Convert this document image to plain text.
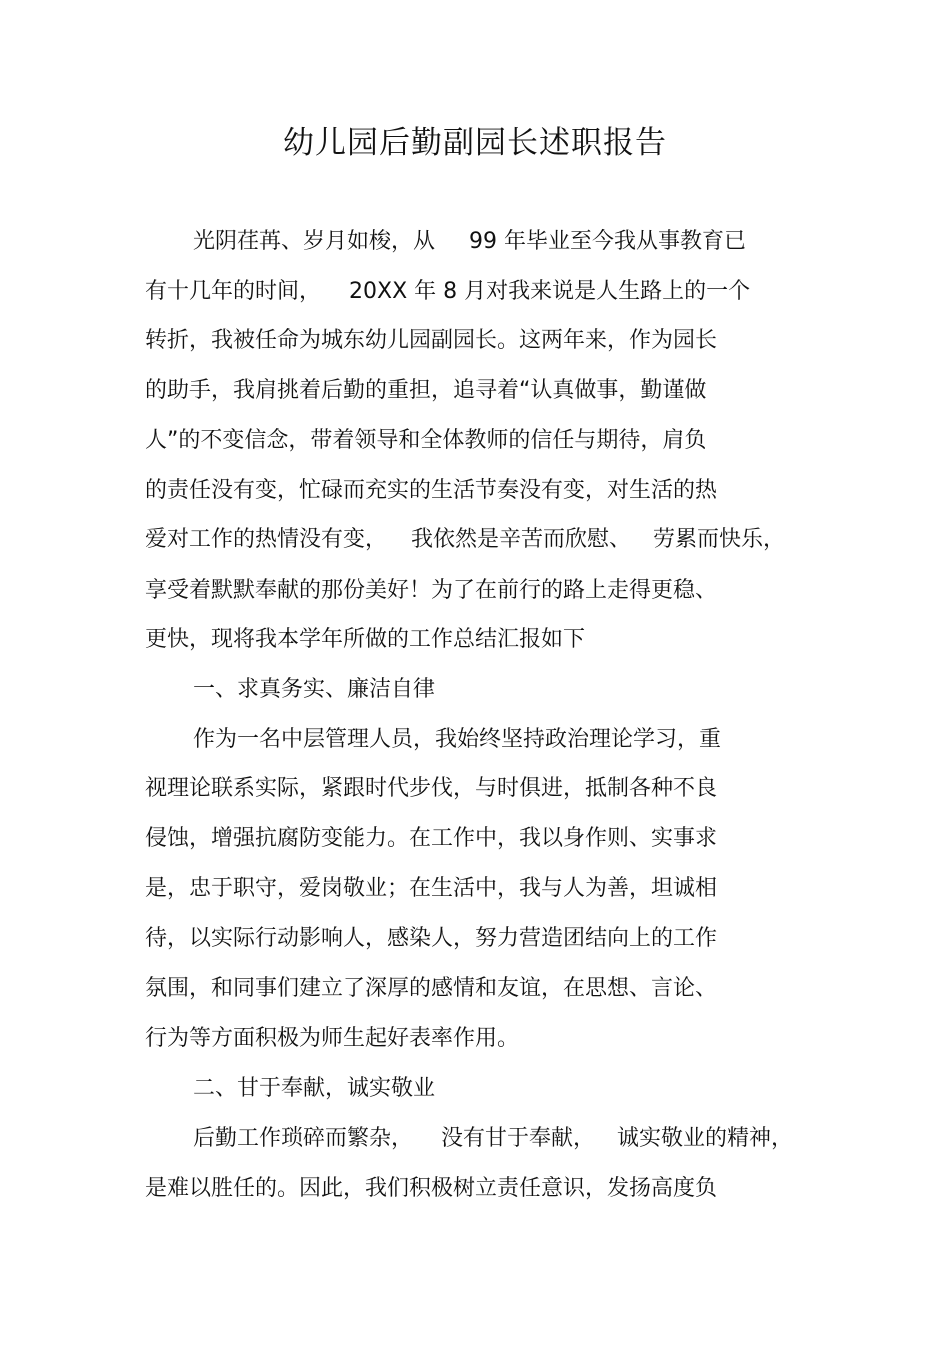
幼儿园后勤副园长述职报告
光阴荏苒、岁月如梭，从 99 年毕业至今我从事教育已
有十几年的时间， 20XX 年 8 月对我来说是人生路上的一个
转折，我被任命为城东幼儿园副园长。这两年来，作为园长
的助手，我肩挑着后勤的重担，追寻着“认真做事，勤谨做
人”的不变信念，带着领导和全体教师的信任与期待，肩负
的责任没有变，忙碌而充实的生活节奏没有变，对生活的热
爱对工作的热情没有变， 我依然是辛苦而欣慰、 劳累而快乐，
享受着默默奉献的那份美好！为了在前行的路上走得更稳、
更快，现将我本学年所做的工作总结汇报如下
一、求真务实、廉洁自律
作为一名中层管理人员，我始终坚持政治理论学习，重
视理论联系实际，紧跟时代步伐，与时俱进，抵制各种不良
侵蚀，增强抗腐防变能力。在工作中，我以身作则、实事求
是，忠于职守，爱岗敬业；在生活中，我与人为善，坦诚相
待，以实际行动影响人，感染人，努力营造团结向上的工作
氛围，和同事们建立了深厚的感情和友谊，在思想、言论、
行为等方面积极为师生起好表率作用。
二、甘于奉献，诚实敬业
后勤工作琐碎而繁杂， 没有甘于奉献， 诚实敬业的精神，
是难以胜任的。因此，我们积极树立责任意识，发扬高度负
